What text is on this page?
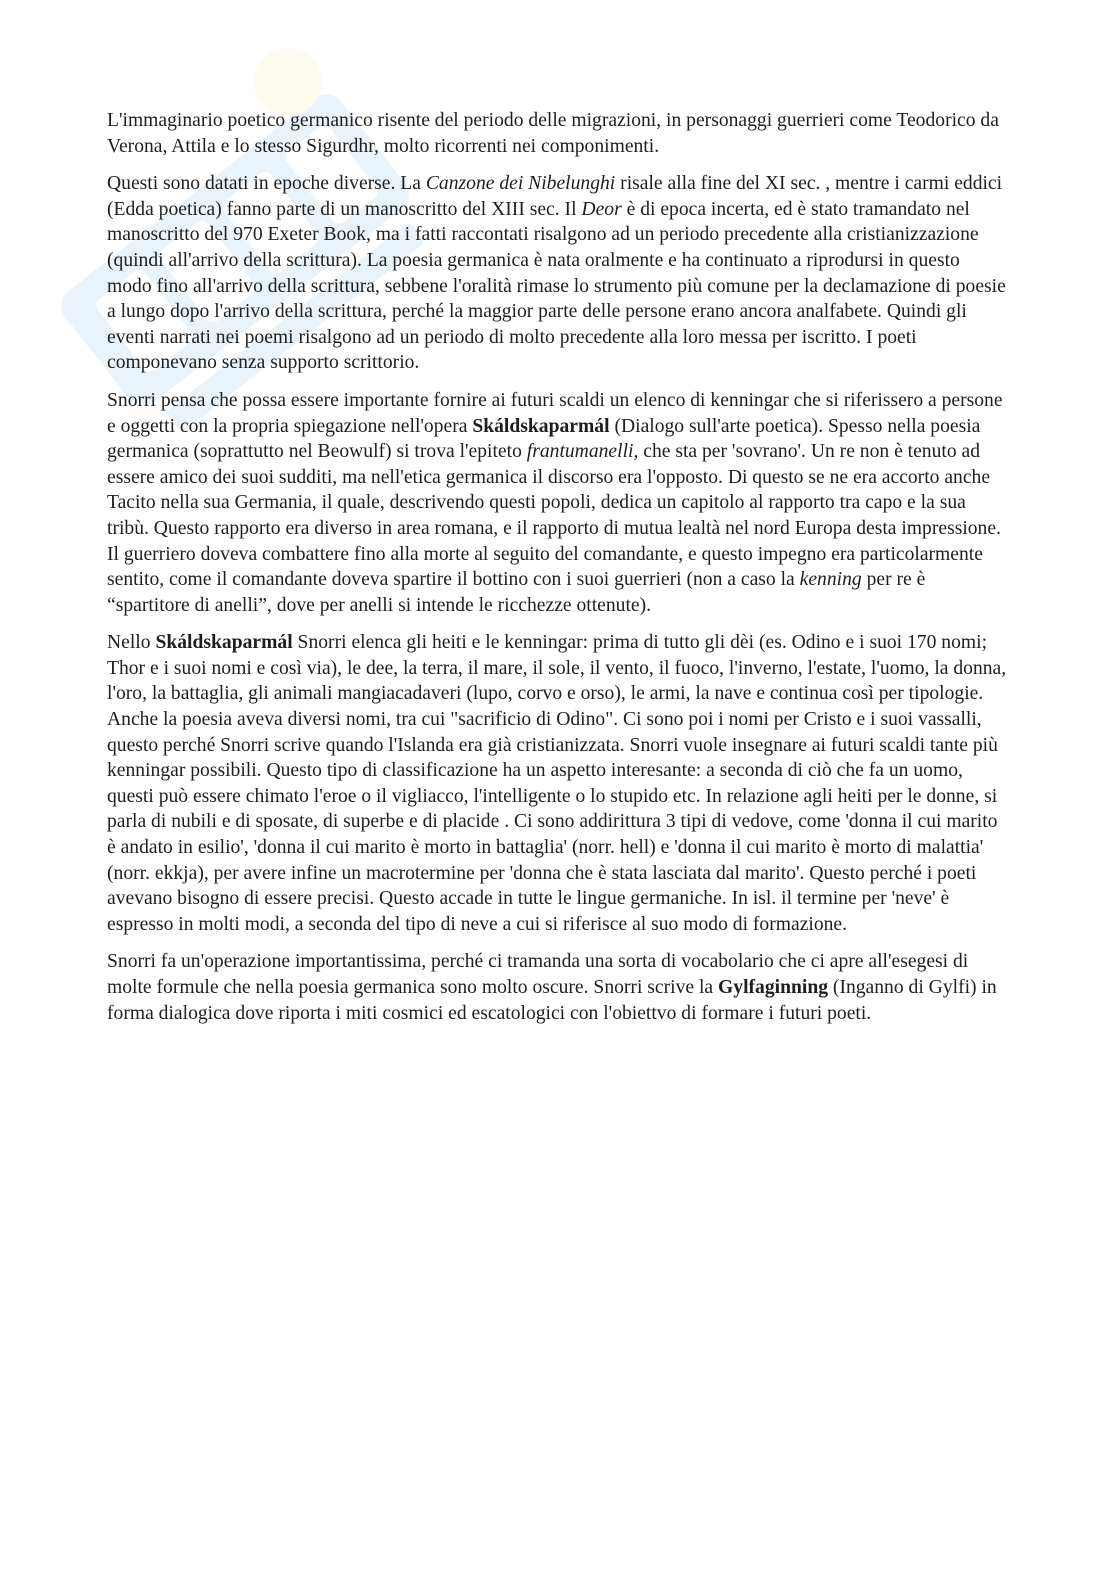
L'immaginario poetico germanico risente del periodo delle migrazioni, in personaggi guerrieri come Teodorico da Verona, Attila e lo stesso Sigurdhr, molto ricorrenti nei componimenti.

Questi sono datati in epoche diverse. La Canzone dei Nibelunghi risale alla fine del XI sec. , mentre i carmi eddici (Edda poetica) fanno parte di un manoscritto del XIII sec. Il Deor è di epoca incerta, ed è stato tramandato nel manoscritto del 970 Exeter Book, ma i fatti raccontati risalgono ad un periodo precedente alla cristianizzazione (quindi all'arrivo della scrittura). La poesia germanica è nata oralmente e ha continuato a riprodursi in questo modo fino all'arrivo della scrittura, sebbene l'oralità rimase lo strumento più comune per la declamazione di poesie a lungo dopo l'arrivo della scrittura, perché la maggior parte delle persone erano ancora analfabete. Quindi gli eventi narrati nei poemi risalgono ad un periodo di molto precedente alla loro messa per iscritto. I poeti componevano senza supporto scrittorio.

Snorri pensa che possa essere importante fornire ai futuri scaldi un elenco di kenningar che si riferissero a persone e oggetti con la propria spiegazione nell'opera Skáldskaparmál (Dialogo sull'arte poetica). Spesso nella poesia germanica (soprattutto nel Beowulf) si trova l'epiteto frantumanelli, che sta per 'sovrano'. Un re non è tenuto ad essere amico dei suoi sudditi, ma nell'etica germanica il discorso era l'opposto. Di questo se ne era accorto anche Tacito nella sua Germania, il quale, descrivendo questi popoli, dedica un capitolo al rapporto tra capo e la sua tribù. Questo rapporto era diverso in area romana, e il rapporto di mutua lealtà nel nord Europa desta impressione. Il guerriero doveva combattere fino alla morte al seguito del comandante, e questo impegno era particolarmente sentito, come il comandante doveva spartire il bottino con i suoi guerrieri (non a caso la kenning per re è “spartitore di anelli”, dove per anelli si intende le ricchezze ottenute).

Nello Skáldskaparmál Snorri elenca gli heiti e le kenningar: prima di tutto gli dèi (es. Odino e i suoi 170 nomi; Thor e i suoi nomi e così via), le dee, la terra, il mare, il sole, il vento, il fuoco, l'inverno, l'estate, l'uomo, la donna, l'oro, la battaglia, gli animali mangiacadaveri (lupo, corvo e orso), le armi, la nave e continua così per tipologie. Anche la poesia aveva diversi nomi, tra cui "sacrificio di Odino". Ci sono poi i nomi per Cristo e i suoi vassalli, questo perché Snorri scrive quando l'Islanda era già cristianizzata. Snorri vuole insegnare ai futuri scaldi tante più kenningar possibili. Questo tipo di classificazione ha un aspetto interesante: a seconda di ciò che fa un uomo, questi può essere chimato l'eroe o il vigliacco, l'intelligente o lo stupido etc. In relazione agli heiti per le donne, si parla di nubili e di sposate, di superbe e di placide . Ci sono addirittura 3 tipi di vedove, come 'donna il cui marito è andato in esilio', 'donna il cui marito è morto in battaglia' (norr. hell) e 'donna il cui marito è morto di malattia' (norr. ekkja), per avere infine un macrotermine per 'donna che è stata lasciata dal marito'. Questo perché i poeti avevano bisogno di essere precisi. Questo accade in tutte le lingue germaniche. In isl. il termine per 'neve' è espresso in molti modi, a seconda del tipo di neve a cui si riferisce al suo modo di formazione.

Snorri fa un'operazione importantissima, perché ci tramanda una sorta di vocabolario che ci apre all'esegesi di molte formule che nella poesia germanica sono molto oscure. Snorri scrive la Gylfaginning (Inganno di Gylfi) in forma dialogica dove riporta i miti cosmici ed escatologici con l'obiettvo di formare i futuri poeti.
